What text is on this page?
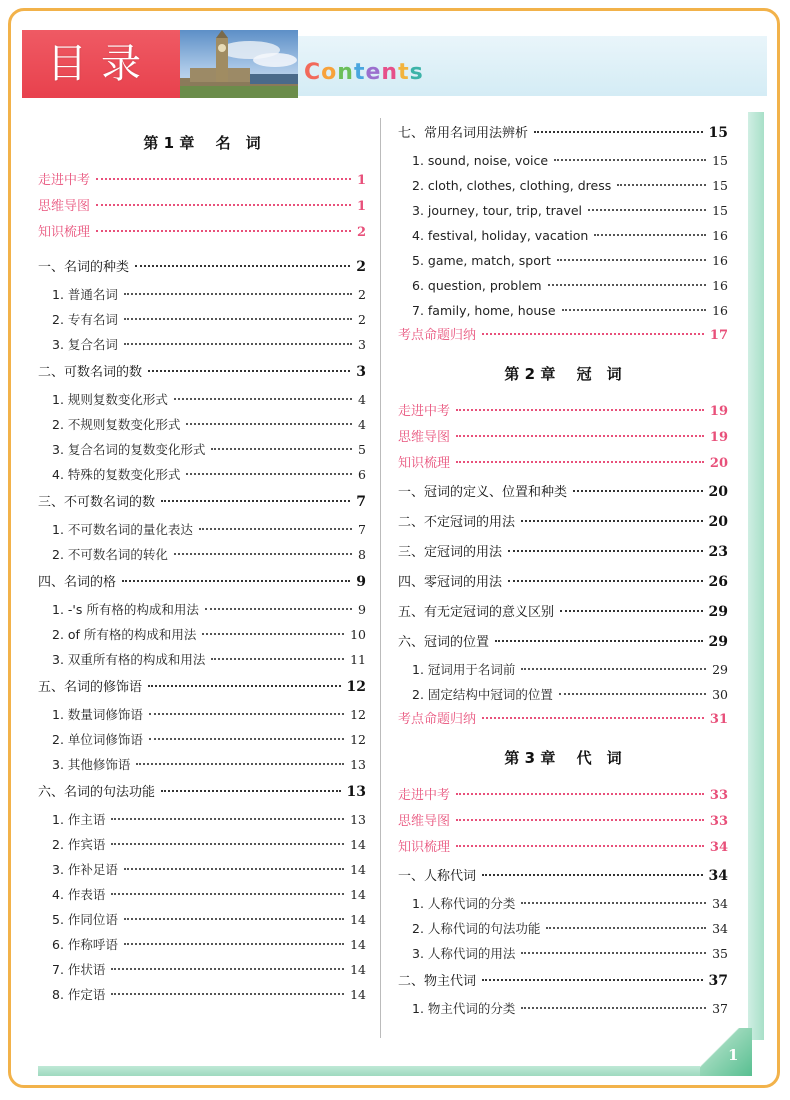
目录	Contents
1
第 1 章 名　词
走进中考	1
思维导图	1
知识梳理	2
一、名词的种类	2
1. 普通名词	2
2. 专有名词	2
3. 复合名词	3
二、可数名词的数	3
1. 规则复数变化形式	4
2. 不规则复数变化形式	4
3. 复合名词的复数变化形式	5
4. 特殊的复数变化形式	6
三、不可数名词的数	7
1. 不可数名词的量化表达	7
2. 不可数名词的转化	8
四、名词的格	9
1. -'s 所有格的构成和用法	9
2. of 所有格的构成和用法	10
3. 双重所有格的构成和用法	11
五、名词的修饰语	12
1. 数量词修饰语	12
2. 单位词修饰语	12
3. 其他修饰语	13
六、名词的句法功能	13
1. 作主语	13
2. 作宾语	14
3. 作补足语	14
4. 作表语	14
5. 作同位语	14
6. 作称呼语	14
7. 作状语	14
8. 作定语	14
七、常用名词用法辨析	15
1. sound, noise, voice	15
2. cloth, clothes, clothing, dress	15
3. journey, tour, trip, travel	15
4. festival, holiday, vacation	16
5. game, match, sport	16
6. question, problem	16
7. family, home, house	16
考点命题归纳	17
第 2 章 冠　词
走进中考	19
思维导图	19
知识梳理	20
一、冠词的定义、位置和种类	20
二、不定冠词的用法	20
三、定冠词的用法	23
四、零冠词的用法	26
五、有无定冠词的意义区别	29
六、冠词的位置	29
1. 冠词用于名词前	29
2. 固定结构中冠词的位置	30
考点命题归纳	31
第 3 章 代　词
走进中考	33
思维导图	33
知识梳理	34
一、人称代词	34
1. 人称代词的分类	34
2. 人称代词的句法功能	34
3. 人称代词的用法	35
二、物主代词	37
1. 物主代词的分类	37
